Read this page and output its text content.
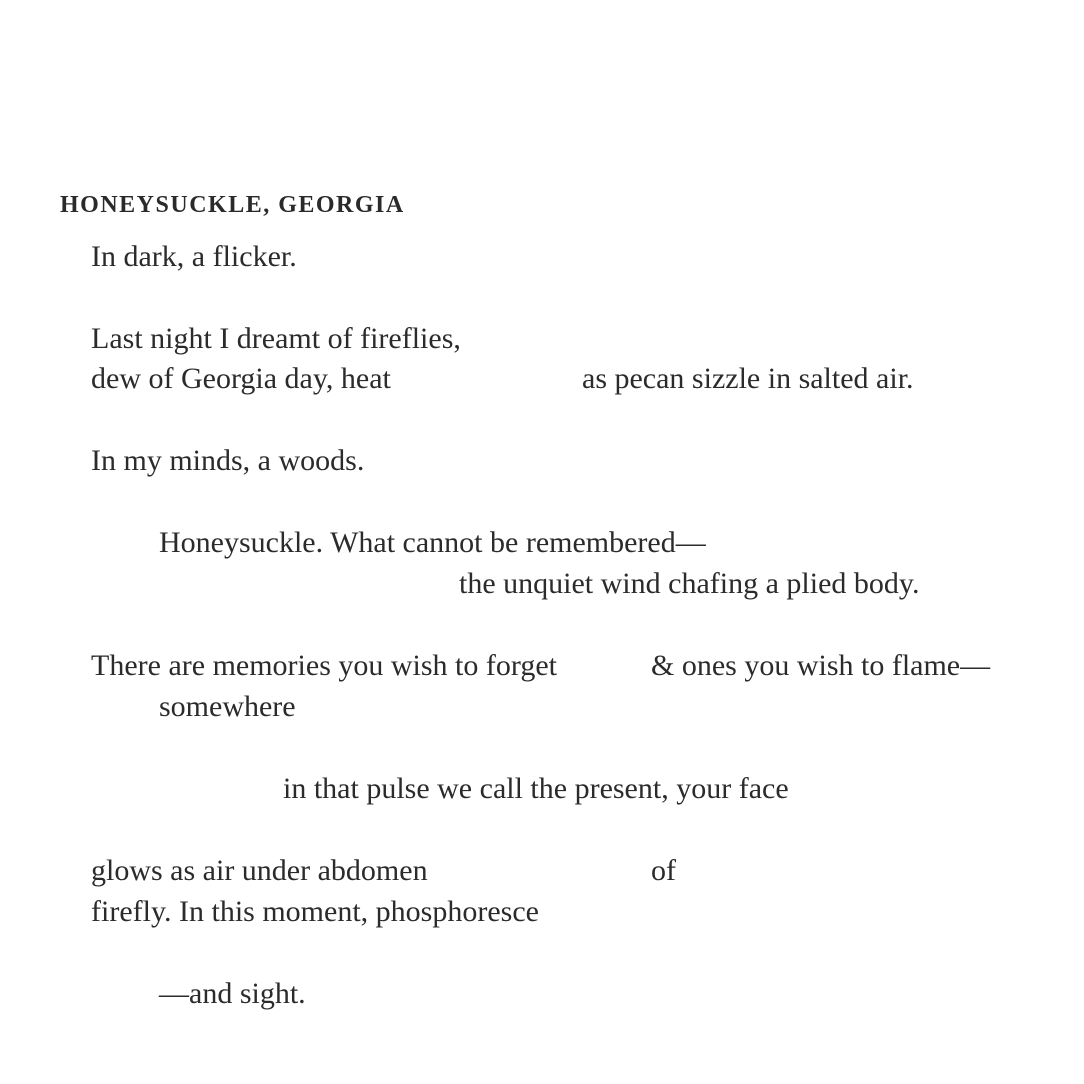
HONEYSUCKLE, GEORGIA
In dark, a flicker.
Last night I dreamt of fireflies,
dew of Georgia day, heat	as pecan sizzle in salted air.
In my minds, a woods.
Honeysuckle. What cannot be remembered—
the unquiet wind chafing a plied body.
There are memories you wish to forget	& ones you wish to flame—
somewhere
in that pulse we call the present, your face
glows as air under abdomen	of
firefly. In this moment, phosphoresce
—and sight.
